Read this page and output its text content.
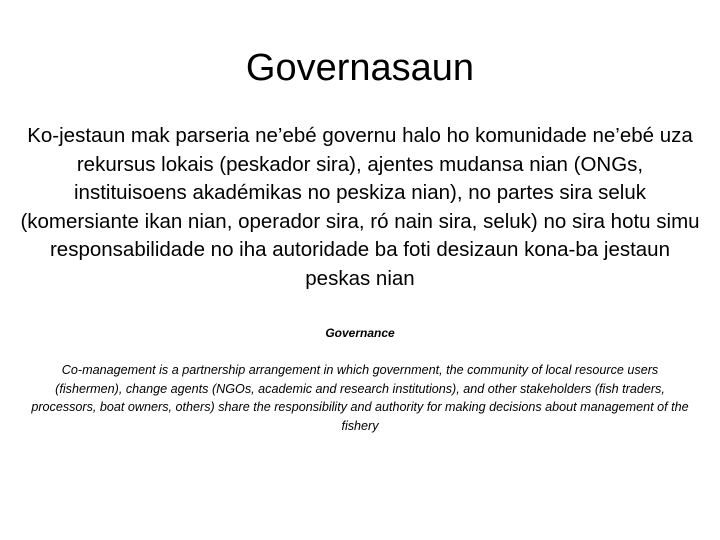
Governasaun

Ko-jestaun mak parseria ne’ebé governu halo ho komunidade ne’ebé uza rekursus lokais (peskador sira), ajentes mudansa nian (ONGs, instituisoens akadémikas no peskiza nian), no partes sira seluk (komersiante ikan nian, operador sira, ró nain sira, seluk) no sira hotu simu responsabilidade no iha autoridade ba foti desizaun kona-ba jestaun peskas nian

Governance

Co-management is a partnership arrangement in which government, the community of local resource users (fishermen), change agents (NGOs, academic and research institutions), and other stakeholders (fish traders, processors, boat owners, others) share the responsibility and authority for making decisions about management of the fishery
